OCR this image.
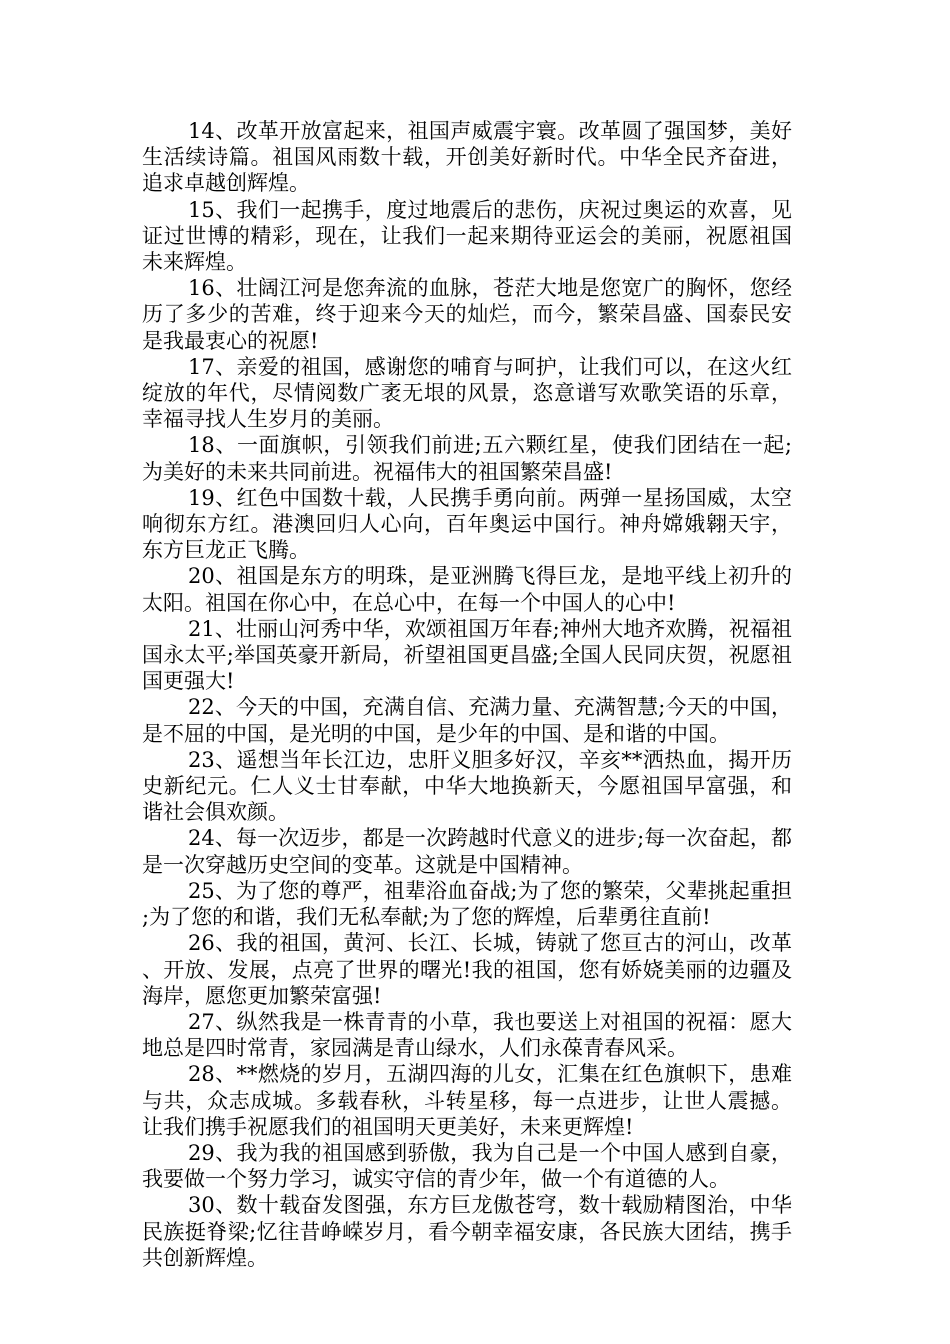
14、改革开放富起来，祖国声威震宇寰。改革圆了强国梦，美好生活续诗篇。祖国风雨数十载，开创美好新时代。中华全民齐奋进，追求卓越创辉煌。

15、我们一起携手，度过地震后的悲伤，庆祝过奥运的欢喜，见证过世博的精彩，现在，让我们一起来期待亚运会的美丽，祝愿祖国未来辉煌。

16、壮阔江河是您奔流的血脉，苍茫大地是您宽广的胸怀，您经历了多少的苦难，终于迎来今天的灿烂，而今，繁荣昌盛、国泰民安是我最衷心的祝愿!

17、亲爱的祖国，感谢您的哺育与呵护，让我们可以，在这火红绽放的年代，尽情阅数广袤无垠的风景，恣意谱写欢歌笑语的乐章，幸福寻找人生岁月的美丽。

18、一面旗帜，引领我们前进;五六颗红星，使我们团结在一起;为美好的未来共同前进。祝福伟大的祖国繁荣昌盛!

19、红色中国数十载，人民携手勇向前。两弹一星扬国威，太空响彻东方红。港澳回归人心向，百年奥运中国行。神舟嫦娥翱天宇，东方巨龙正飞腾。

20、祖国是东方的明珠，是亚洲腾飞得巨龙，是地平线上初升的太阳。祖国在你心中，在总心中，在每一个中国人的心中!

21、壮丽山河秀中华，欢颂祖国万年春;神州大地齐欢腾，祝福祖国永太平;举国英豪开新局，祈望祖国更昌盛;全国人民同庆贺，祝愿祖国更强大!

22、今天的中国，充满自信、充满力量、充满智慧;今天的中国，是不屈的中国，是光明的中国，是少年的中国、是和谐的中国。

23、遥想当年长江边，忠肝义胆多好汉，辛亥**洒热血，揭开历史新纪元。仁人义士甘奉献，中华大地换新天，今愿祖国早富强，和谐社会俱欢颜。

24、每一次迈步，都是一次跨越时代意义的进步;每一次奋起，都是一次穿越历史空间的变革。这就是中国精神。

25、为了您的尊严，祖辈浴血奋战;为了您的繁荣，父辈挑起重担;为了您的和谐，我们无私奉献;为了您的辉煌，后辈勇往直前!

26、我的祖国，黄河、长江、长城，铸就了您亘古的河山，改革、开放、发展，点亮了世界的曙光!我的祖国，您有娇娆美丽的边疆及海岸，愿您更加繁荣富强!

27、纵然我是一株青青的小草，我也要送上对祖国的祝福：愿大地总是四时常青，家园满是青山绿水，人们永葆青春风采。

28、**燃烧的岁月，五湖四海的儿女，汇集在红色旗帜下，患难与共，众志成城。多载春秋，斗转星移，每一点进步，让世人震撼。让我们携手祝愿我们的祖国明天更美好，未来更辉煌!

29、我为我的祖国感到骄傲，我为自己是一个中国人感到自豪，我要做一个努力学习，诚实守信的青少年，做一个有道德的人。

30、数十载奋发图强，东方巨龙傲苍穹，数十载励精图治，中华民族挺脊梁;忆往昔峥嵘岁月，看今朝幸福安康，各民族大团结，携手共创新辉煌。
